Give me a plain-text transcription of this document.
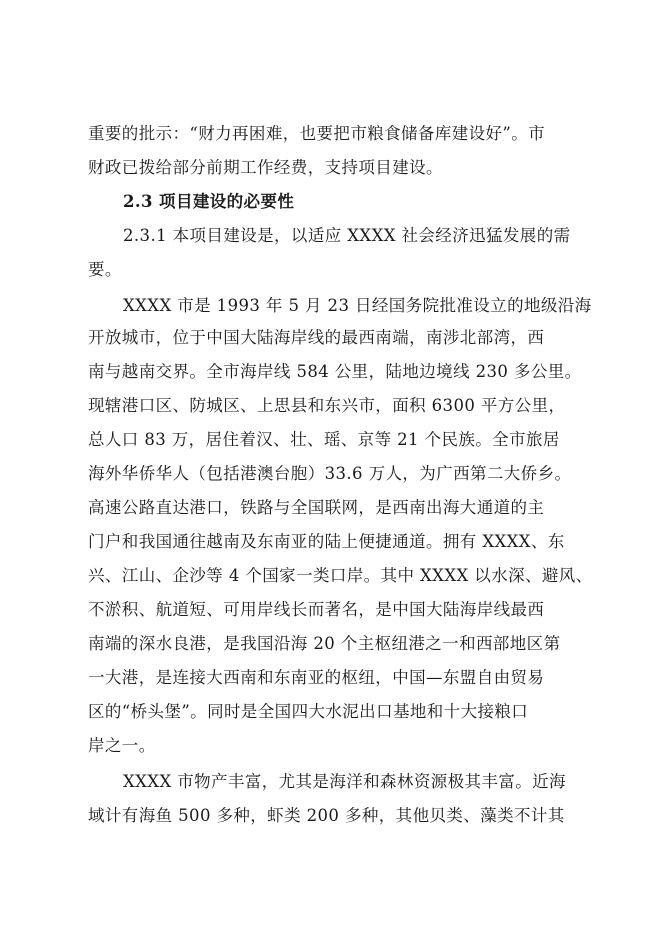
重要的批示：“财力再困难，也要把市粮食储备库建设好”。市
财政已拨给部分前期工作经费，支持项目建设。
2.3 项目建设的必要性
2.3.1 本项目建设是，以适应 XXXX 社会经济迅猛发展的需
要。
XXXX 市是 1993 年 5 月 23 日经国务院批准设立的地级沿海
开放城市，位于中国大陆海岸线的最西南端，南涉北部湾，西
南与越南交界。全市海岸线 584 公里，陆地边境线 230 多公里。
现辖港口区、防城区、上思县和东兴市，面积 6300 平方公里，
总人口 83 万，居住着汉、壮、瑶、京等 21 个民族。全市旅居
海外华侨华人（包括港澳台胞）33.6 万人，为广西第二大侨乡。
高速公路直达港口，铁路与全国联网，是西南出海大通道的主
门户和我国通往越南及东南亚的陆上便捷通道。拥有 XXXX、东
兴、江山、企沙等 4 个国家一类口岸。其中 XXXX 以水深、避风、
不淤积、航道短、可用岸线长而著名，是中国大陆海岸线最西
南端的深水良港，是我国沿海 20 个主枢纽港之一和西部地区第
一大港，是连接大西南和东南亚的枢纽，中国—东盟自由贸易
区的“桥头堡”。同时是全国四大水泥出口基地和十大接粮口
岸之一。
XXXX 市物产丰富，尤其是海洋和森林资源极其丰富。近海
域计有海鱼 500 多种，虾类 200 多种，其他贝类、藻类不计其
